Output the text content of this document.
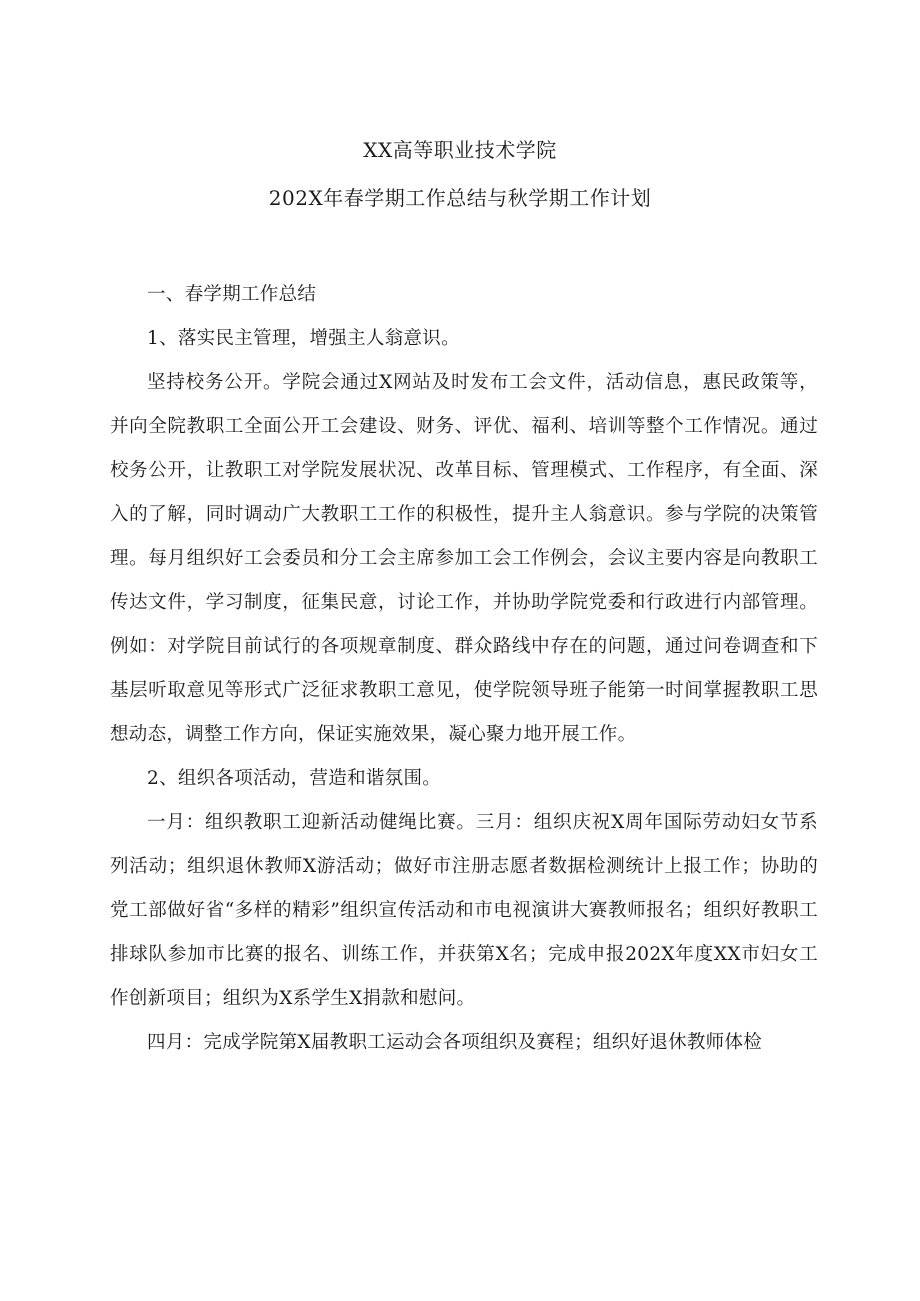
XX高等职业技术学院
202X年春学期工作总结与秋学期工作计划

一、春学期工作总结

1、落实民主管理，增强主人翁意识。

坚持校务公开。学院会通过X网站及时发布工会文件，活动信息，惠民政策等，并向全院教职工全面公开工会建设、财务、评优、福利、培训等整个工作情况。通过校务公开，让教职工对学院发展状况、改革目标、管理模式、工作程序，有全面、深入的了解，同时调动广大教职工工作的积极性，提升主人翁意识。参与学院的决策管理。每月组织好工会委员和分工会主席参加工会工作例会，会议主要内容是向教职工传达文件，学习制度，征集民意，讨论工作，并协助学院党委和行政进行内部管理。例如：对学院目前试行的各项规章制度、群众路线中存在的问题，通过问卷调查和下基层听取意见等形式广泛征求教职工意见，使学院领导班子能第一时间掌握教职工思想动态，调整工作方向，保证实施效果，凝心聚力地开展工作。

2、组织各项活动，营造和谐氛围。

一月：组织教职工迎新活动健绳比赛。三月：组织庆祝X周年国际劳动妇女节系列活动；组织退休教师X游活动；做好市注册志愿者数据检测统计上报工作；协助的党工部做好省“多样的精彩”组织宣传活动和市电视演讲大赛教师报名；组织好教职工排球队参加市比赛的报名、训练工作，并获第X名；完成申报202X年度XX市妇女工作创新项目；组织为X系学生X捐款和慰问。

四月：完成学院第X届教职工运动会各项组织及赛程；组织好退休教师体检
